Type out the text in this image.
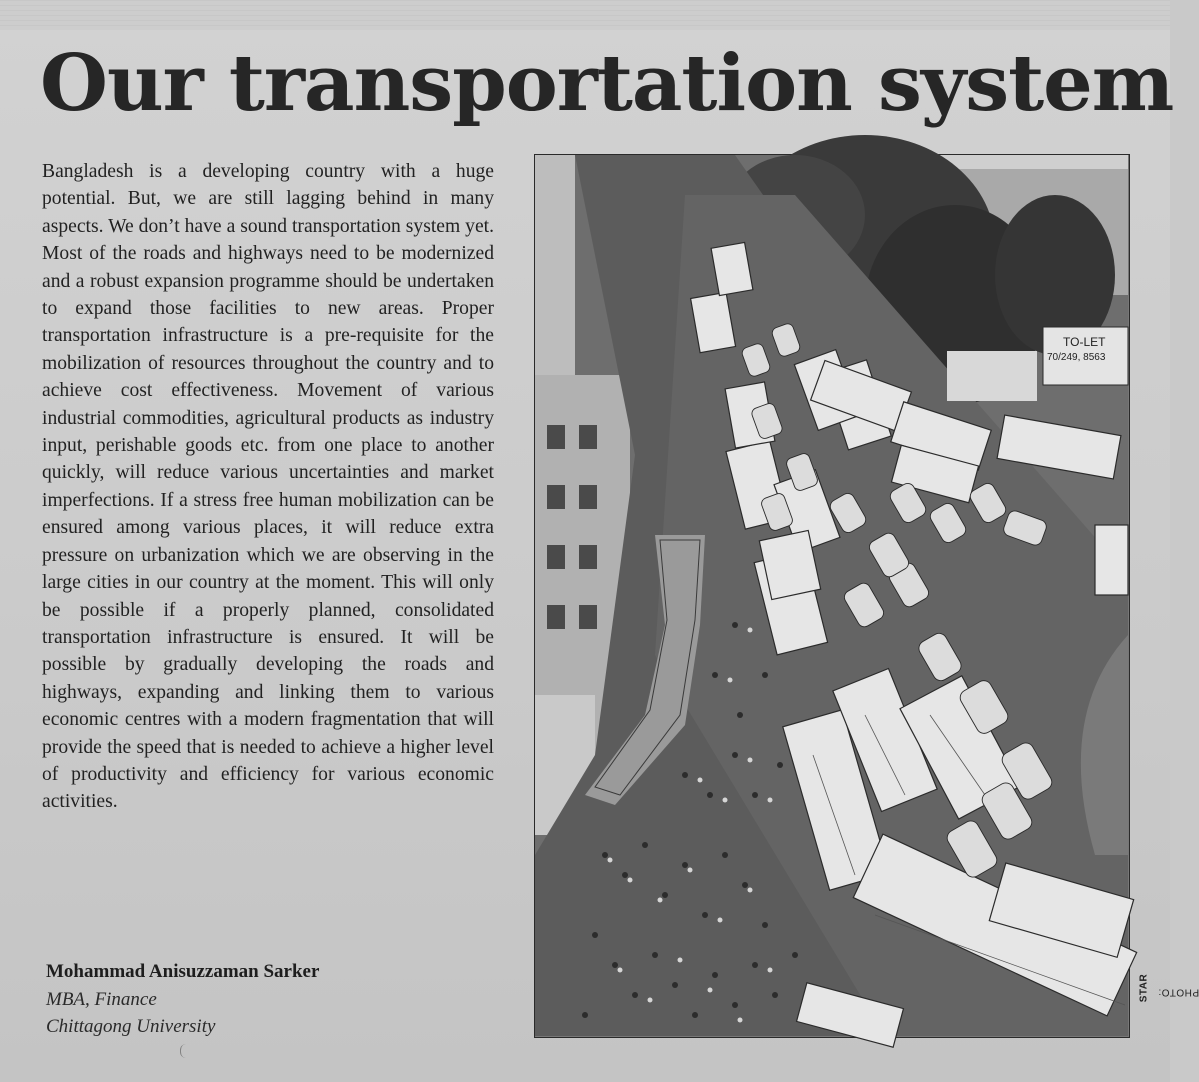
Our transportation system

Bangladesh is a developing country with a huge potential. But, we are still lagging behind in many aspects. We don’t have a sound transportation system yet. Most of the roads and highways need to be modernized and a robust expansion programme should be undertaken to expand those facilities to new areas. Proper transportation infrastructure is a pre-requisite for the mobilization of resources throughout the country and to achieve cost effectiveness. Movement of various industrial commodities, agricultural products as industry input, perishable goods etc. from one place to another quickly, will reduce various uncertainties and market imperfections. If a stress free human mobilization can be ensured among various places, it will reduce extra pressure on urbanization which we are observing in the large cities in our country at the moment. This will only be possible if a properly planned, consolidated transportation infrastructure is ensured. It will be possible by gradually developing the roads and highways, expanding and linking them to various economic centres with a modern fragmentation that will provide the speed that is needed to achieve a higher level of productivity and efficiency for various economic activities.

Mohammad Anisuzzaman Sarker
MBA, Finance
Chittagong University
TO-LET
70/249, 8563
PHOTO:
STAR
